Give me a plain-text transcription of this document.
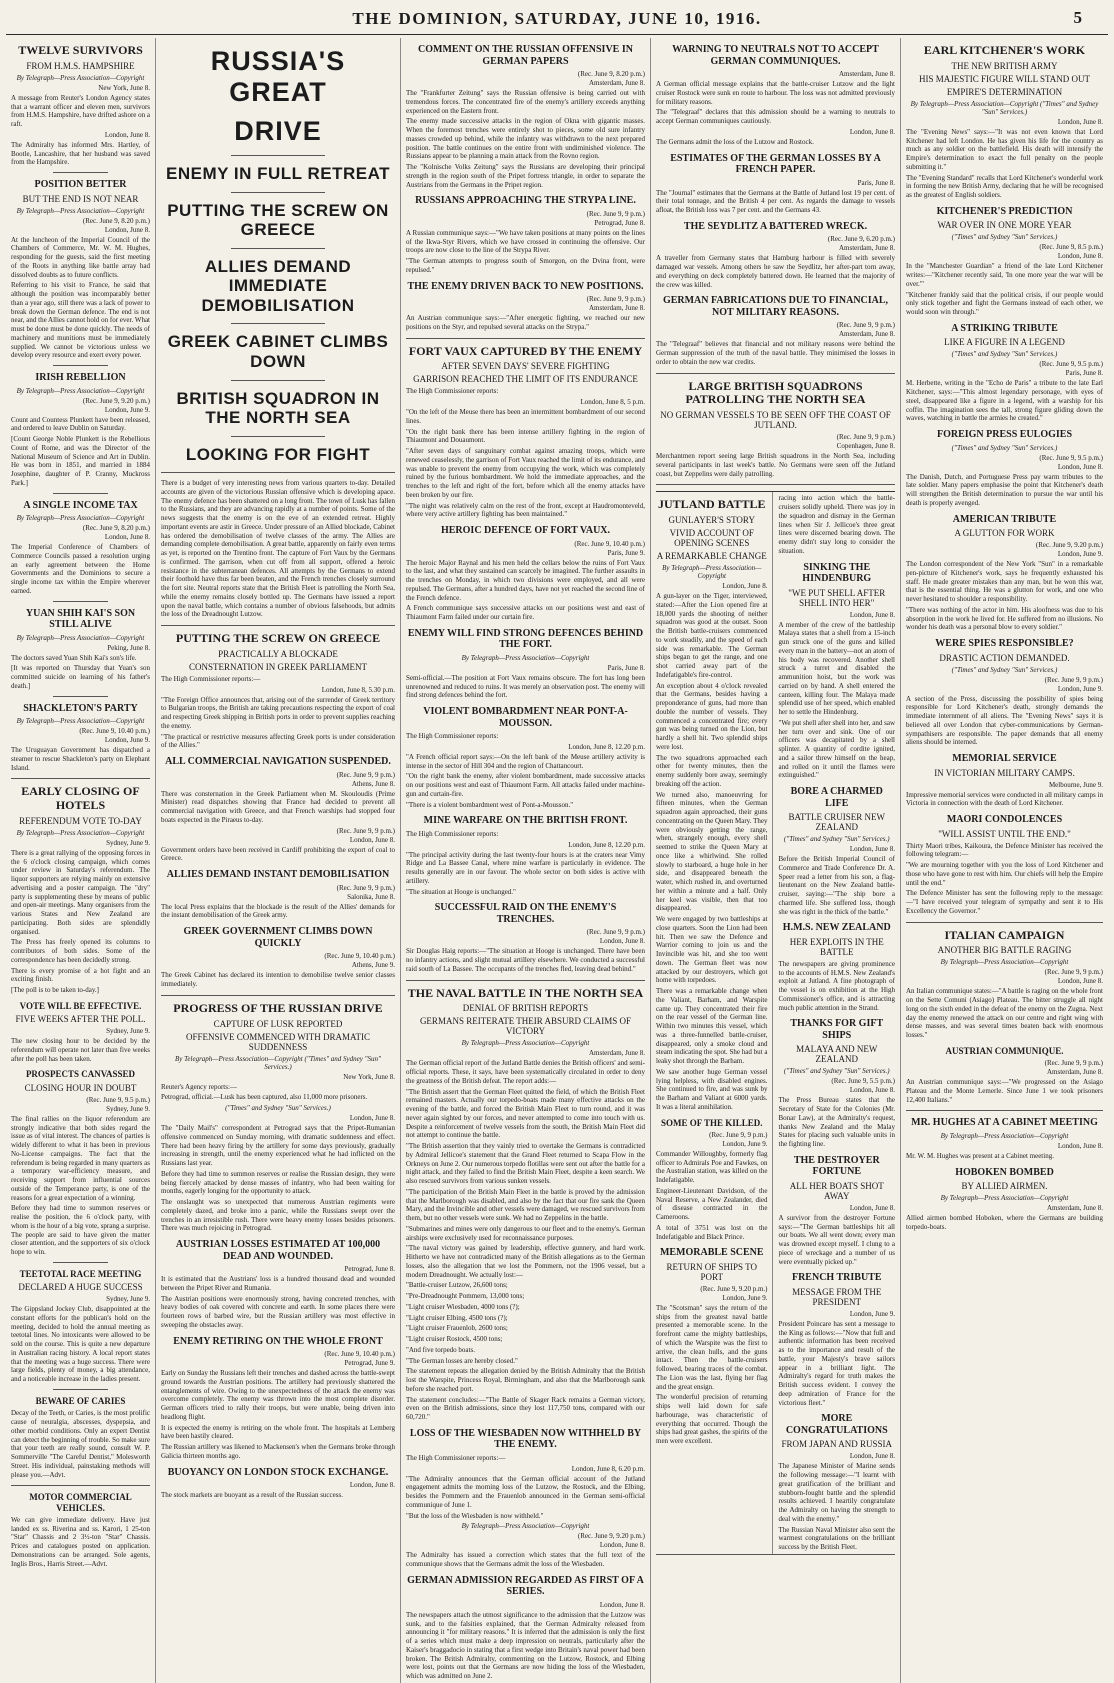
THE DOMINION, SATURDAY, JUNE 10, 1916.	5
TWELVE SURVIVORS
FROM H.M.S. HAMPSHIRE
By Telegraph—Press Association—Copyright
New York, June 8.

A message from Reuter's London Agency states that a warrant officer and eleven men, survivors from H.M.S. Hampshire, have drifted ashore on a raft.

London, June 8.

The Admiralty has informed Mrs. Hartley, of Bootle, Lancashire, that her husband was saved from the Hampshire.

POSITION BETTER
BUT THE END IS NOT NEAR
By Telegraph—Press Association—Copyright
(Rec. June 9, 8.20 p.m.)
London, June 8.

At the luncheon of the Imperial Council of the Chambers of Commerce, Mr. W. M. Hughes, responding for the guests, said the first meeting of the Roots in anything like battle array had dissolved doubts as to future conflicts.

Referring to his visit to France, he said that although the position was incomparably better than a year ago, still there was a lack of power to break down the German defence. The end is not near, and the Allies cannot hold on for ever. What must be done must be done quickly. The needs of machinery and munitions must be immediately supplied. We cannot be victorious unless we develop every resource and exert every power.

IRISH REBELLION
By Telegraph—Press Association—Copyright
(Rec. June 9, 9.20 p.m.)
London, June 9.

Count and Countess Plunkett have been released, and ordered to leave Dublin on Saturday.

[Count George Noble Plunkett is the Rebellious Count of Rome, and was the Director of the National Museum of Science and Art in Dublin. He was born in 1851, and married in 1884 Josephine, daughter of P. Cranny, Muckross Park.]

A SINGLE INCOME TAX
By Telegraph—Press Association—Copyright
(Rec. June 9, 8.20 p.m.)
London, June 8.

The Imperial Conference of Chambers of Commerce Councils passed a resolution urging an early agreement between the Home Governments and the Dominions to secure a single income tax within the Empire wherever earned.

YUAN SHIH KAI'S SON STILL ALIVE
By Telegraph—Press Association—Copyright
Peking, June 8.

The doctors saved Yuan Shih Kai's son's life.

[It was reported on Thursday that Yuan's son committed suicide on learning of his father's death.]

SHACKLETON'S PARTY
By Telegraph—Press Association—Copyright
(Rec. June 9, 10.40 p.m.)
London, June 9.

The Uruguayan Government has dispatched a steamer to rescue Shackleton's party on Elephant Island.

EARLY CLOSING OF HOTELS
REFERENDUM VOTE TO-DAY
By Telegraph—Press Association—Copyright
Sydney, June 9.

There is a great rallying of the opposing forces in the 6 o'clock closing campaign, which comes under review in Saturday's referendum. The liquor supporters are relying mainly on extensive advertising and a poster campaign. The "dry" party is supplementing these by means of public and open-air meetings. Many organisers from the various States and New Zealand are participating. Both sides are splendidly organised.

The Press has freely opened its columns to contributors of both sides. Some of the correspondence has been decidedly strong.

There is every promise of a hot fight and an exciting finish.

[The poll is to be taken to-day.]

VOTE WILL BE EFFECTIVE.
FIVE WEEKS AFTER THE POLL.
Sydney, June 9.

The new closing hour to be decided by the referendum will operate not later than five weeks after the poll has been taken.

PROSPECTS CANVASSED
CLOSING HOUR IN DOUBT
(Rec. June 9, 9.5 p.m.)
Sydney, June 9.

The final rallies on the liquor referendum are strongly indicative that both sides regard the issue as of vital interest. The chances of parties is widely different to what it has been in previous No-License campaigns. The fact that the referendum is being regarded in many quarters as a temporary war-efficiency measure, and receiving support from influential sources outside of the Temperance party, is one of the reasons for a great expectation of a winning.

Before they had time to summon reserves or realise the position, the 6 o'clock party, with whom is the hour of a big vote, sprang a surprise. The people are said to have given the matter closer attention, and the supporters of six o'clock hope to win.

TEETOTAL RACE MEETING
DECLARED A HUGE SUCCESS
Sydney, June 9.

The Gippsland Jockey Club, disappointed at the constant efforts for the publican's hold on the meeting, decided to hold the annual meeting as teetotal lines. No intoxicants were allowed to be sold on the course. This is quite a new departure in Australian racing history. A local report states that the meeting was a huge success. There were large fields, plenty of money, a big attendance, and a noticeable increase in the ladies present.

BEWARE OF CARIES

Decay of the Teeth, or Caries, is the most prolific cause of neuralgia, abscesses, dyspepsia, and other morbid conditions. Only an expert Dentist can detect the beginning of trouble. So make sure that your teeth are really sound, consult W. P. Sommerville "The Careful Dentist," Molesworth Street. His individual, painstaking methods will please you.—Advt.

MOTOR COMMERCIAL VEHICLES.

We can give immediate delivery. Have just landed ex ss. Riverina and ss. Karori, 1 25-ton "Star" Chassis and 2 3½-ton "Star" Chassis. Prices and catalogues posted on application. Demonstrations can be arranged. Sole agents, Inglis Bros., Harris Street.—Advt.

RUSSIA'S GREAT
DRIVE
ENEMY IN FULL RETREAT
PUTTING THE SCREW ON GREECE
ALLIES DEMAND IMMEDIATE DEMOBILISATION
GREEK CABINET CLIMBS DOWN
BRITISH SQUADRON IN THE NORTH SEA
LOOKING FOR FIGHT

There is a budget of very interesting news from various quarters to-day. Detailed accounts are given of the victorious Russian offensive which is developing apace. The enemy defence has been shattered on a long front. The town of Lusk has fallen to the Russians, and they are advancing rapidly at a number of points. Some of the news suggests that the enemy is on the eve of an extended retreat. Highly important events are astir in Greece. Under pressure of an Allied blockade, Cabinet has ordered the demobilisation of twelve classes of the army. The Allies are demanding complete demobilisation. A great battle, apparently on fairly even terms as yet, is reported on the Trentino front. The capture of Fort Vaux by the Germans is confirmed. The garrison, when cut off from all support, offered a heroic resistance in the subterranean defences. All attempts by the Germans to extend their foothold have thus far been beaten, and the French trenches closely surround the fort site. Neutral reports state that the British Fleet is patrolling the North Sea, while the enemy remains closely bottled up. The Germans have issued a report upon the naval battle, which contains a number of obvious falsehoods, but admits the loss of the Dreadnought Lutzow.

PUTTING THE SCREW ON GREECE
PRACTICALLY A BLOCKADE
CONSTERNATION IN GREEK PARLIAMENT

The High Commissioner reports:—

London, June 8, 5.30 p.m.

"The Foreign Office announces that, arising out of the surrender of Greek territory to Bulgarian troops, the British are taking precautions respecting the export of coal and respecting Greek shipping in British ports in order to prevent supplies reaching the enemy.

"The practical or restrictive measures affecting Greek ports is under consideration of the Allies."

ALL COMMERCIAL NAVIGATION SUSPENDED.
(Rec. June 9, 9 p.m.)
Athens, June 8.

There was consternation in the Greek Parliament when M. Skouloudis (Prime Minister) read dispatches showing that France had decided to prevent all commercial navigation with Greece, and that French warships had stopped four boats expected in the Piraeus to-day.

(Rec. June 9, 9 p.m.)
London, June 8.

Government orders have been received in Cardiff prohibiting the export of coal to Greece.

ALLIES DEMAND INSTANT DEMOBILISATION
(Rec. June 9, 9 p.m.)
Salonika, June 8.

The local Press explains that the blockade is the result of the Allies' demands for the instant demobilisation of the Greek army.

GREEK GOVERNMENT CLIMBS DOWN QUICKLY
(Rec. June 9, 10.40 p.m.)
Athens, June 9.

The Greek Cabinet has declared its intention to demobilise twelve senior classes immediately.

PROGRESS OF THE RUSSIAN DRIVE
CAPTURE OF LUSK REPORTED
OFFENSIVE COMMENCED WITH DRAMATIC SUDDENNESS
By Telegraph—Press Association—Copyright ("Times" and Sydney "Sun" Services.)
New York, June 8.

Reuter's Agency reports:—

Petrograd, official.—Lusk has been captured, also 11,000 more prisoners.

("Times" and Sydney "Sun" Services.)
London, June 8.

The "Daily Mail's" correspondent at Petrograd says that the Pripet-Rumanian offensive commenced on Sunday morning, with dramatic suddenness and effect. There had been heavy firing by the artillery for some days previously, gradually increasing in strength, until the enemy experienced what he had inflicted on the Russians last year.

Before they had time to summon reserves or realise the Russian design, they were being fiercely attacked by dense masses of infantry, who had been waiting for months, eagerly longing for the opportunity to attack.

The onslaught was so unexpected that numerous Austrian regiments were completely dazed, and broke into a panic, while the Russians swept over the trenches in an irresistible rush. There were heavy enemy losses besides prisoners. There was much rejoicing in Petrograd.

AUSTRIAN LOSSES ESTIMATED AT 100,000 DEAD AND WOUNDED.
Petrograd, June 8.

It is estimated that the Austrians' loss is a hundred thousand dead and wounded between the Pripet River and Rumania.

The Austrian positions were enormously strong, having concreted trenches, with heavy bodies of oak covered with concrete and earth. In some places there were fourteen rows of barbed wire, but the Russian artillery was most effective in sweeping the obstacles away.

ENEMY RETIRING ON THE WHOLE FRONT
(Rec. June 9, 10.40 p.m.)
Petrograd, June 9.

Early on Sunday the Russians left their trenches and dashed across the battle-swept ground towards the Austrian positions. The artillery had previously shattered the entanglements of wire. Owing to the unexpectedness of the attack the enemy was overcome completely. The enemy was thrown into the most complete disorder. German officers tried to rally their troops, but were unable, being driven into headlong flight.

It is expected the enemy is retiring on the whole front. The hospitals at Lemberg have been hastily cleared.

The Russian artillery was likened to Mackensen's when the Germans broke through Galicia thirteen months ago.

BUOYANCY ON LONDON STOCK EXCHANGE.
London, June 8.

The stock markets are buoyant as a result of the Russian success.

COMMENT ON THE RUSSIAN OFFENSIVE IN GERMAN PAPERS
(Rec. June 9, 8.20 p.m.)
Amsterdam, June 8.

The "Frankfurter Zeitung" says the Russian offensive is being carried out with tremendous forces. The concentrated fire of the enemy's artillery exceeds anything experienced on the Eastern front.

The enemy made successive attacks in the region of Okna with gigantic masses. When the foremost trenches were entirely shot to pieces, some old sure infantry masses crowded up behind, while the infantry was withdrawn to the next prepared position. The battle continues on the entire front with undiminished violence. The Russians appear to be planning a main attack from the Rovno region.

The "Kolnische Volks Zeitung" says the Russians are developing their principal strength in the region south of the Pripet fortress triangle, in order to separate the Austrians from the Germans in the Pripet region.

RUSSIANS APPROACHING THE STRYPA LINE.
(Rec. June 9, 9 p.m.)
Petrograd, June 8.

A Russian communique says:—"We have taken positions at many points on the lines of the Ikwa-Styr Rivers, which we have crossed in continuing the offensive. Our troops are now close to the line of the Strypa River.

"The German attempts to progress south of Smorgon, on the Dvina front, were repulsed."

THE ENEMY DRIVEN BACK TO NEW POSITIONS.
(Rec. June 9, 9 p.m.)
Amsterdam, June 8.

An Austrian communique says:—"After energetic fighting, we reached our new positions on the Styr, and repulsed several attacks on the Strypa."

FORT VAUX CAPTURED BY THE ENEMY
AFTER SEVEN DAYS' SEVERE FIGHTING
GARRISON REACHED THE LIMIT OF ITS ENDURANCE

The High Commissioner reports:

London, June 8, 5 p.m.

"On the left of the Meuse there has been an intermittent bombardment of our second lines.

"On the right bank there has been intense artillery fighting in the region of Thiaumont and Douaumont.

"After seven days of sanguinary combat against amazing troops, which were renewed ceaselessly, the garrison of Fort Vaux reached the limit of its endurance, and was unable to prevent the enemy from occupying the work, which was completely ruined by the furious bombardment. We hold the immediate approaches, and the trenches to the left and right of the fort, before which all the enemy attacks have been broken by our fire.

"The night was relatively calm on the rest of the front, except at Haudromonteveld, where very active artillery fighting has been maintained."

HEROIC DEFENCE OF FORT VAUX.
(Rec. June 9, 10.40 p.m.)
Paris, June 9.

The heroic Major Raynal and his men held the cellars below the ruins of Fort Vaux to the last, and what they sustained can scarcely be imagined. The further assaults in the trenches on Monday, in which two divisions were employed, and all were repulsed. The Germans, after a hundred days, have not yet reached the second line of the French defence.

A French communique says successive attacks on our positions west and east of Thiaumont Farm failed under our curtain fire.

ENEMY WILL FIND STRONG DEFENCES BEHIND THE FORT.
By Telegraph—Press Association—Copyright
Paris, June 8.

Semi-official.—The position at Fort Vaux remains obscure. The fort has long been unrenowned and reduced to ruins. It was merely an observation post. The enemy will find strong defences behind the fort.

VIOLENT BOMBARDMENT NEAR PONT-A-MOUSSON.

The High Commissioner reports:

London, June 8, 12.20 p.m.

"A French official report says:—On the left bank of the Meuse artillery activity is intense in the sector of Hill 304 and the region of Chattancourt.

"On the right bank the enemy, after violent bombardment, made successive attacks on our positions west and east of Thiaumont Farm. All attacks failed under machine-gun and curtain-fire.

"There is a violent bombardment west of Pont-a-Mousson."

MINE WARFARE ON THE BRITISH FRONT.

The High Commissioner reports:

London, June 8, 12.20 p.m.

"The principal activity during the last twenty-four hours is at the craters near Vimy Ridge and La Bassee Canal, where mine warfare is particularly in evidence. The results generally are in our favour. The whole sector on both sides is active with artillery.

"The situation at Hooge is unchanged."

SUCCESSFUL RAID ON THE ENEMY'S TRENCHES.
(Rec. June 9, 9 p.m.)
London, June 8.

Sir Douglas Haig reports:—"The situation at Hooge is unchanged. There have been no infantry actions, and slight mutual artillery elsewhere. We conducted a successful raid south of La Bassee. The occupants of the trenches fled, leaving dead behind."

THE NAVAL BATTLE IN THE NORTH SEA
DENIAL OF BRITISH REPORTS
GERMANS REITERATE THEIR ABSURD CLAIMS OF VICTORY
By Telegraph—Press Association—Copyright
Amsterdam, June 8.

The German official report of the Jutland Battle denies the British officers' and semi-official reports. These, it says, have been systematically circulated in order to deny the greatness of the British defeat. The report adds:—

"The British assert that the German Fleet quitted the field, of which the British Fleet remained masters. Actually our torpedo-boats made many effective attacks on the evening of the battle, and forced the British Main Fleet to turn round, and it was never again sighted by our forces, and never attempted to come into touch with us. Despite a reinforcement of twelve vessels from the south, the British Main Fleet did not attempt to continue the battle.

"The British assertion that they vainly tried to overtake the Germans is contradicted by Admiral Jellicoe's statement that the Grand Fleet returned to Scapa Flow in the Orkneys on June 2. Our numerous torpedo flotillas were sent out after the battle for a night attack, and they failed to find the British Main Fleet, despite a keen search. We also rescued survivors from various sunken vessels.

"The participation of the British Main Fleet in the battle is proved by the admission that the Marlborough was disabled, and also by the fact that our fire sank the Queen Mary, and the Invincible and other vessels were damaged, we rescued survivors from them, but no other vessels were sunk. We had no Zeppelins in the battle.

"Submarines and mines were only dangerous to our fleet and to the enemy's. German airships were exclusively used for reconnaissance purposes.

"The naval victory was gained by leadership, effective gunnery, and hard work. Hitherto we have not contradicted many of the British allegations as to the German losses, also the allegation that we lost the Pommern, not the 1906 vessel, but a modern Dreadnought. We actually lost:—

"Battle-cruiser Lutzow, 26,600 tons;
"Pre-Dreadnought Pommern, 13,000 tons;
"Light cruiser Wiesbaden, 4000 tons (?);
"Light cruiser Elbing, 4500 tons (?);
"Light cruiser Frauenlob, 2600 tons;
"Light cruiser Rostock, 4500 tons;
"And five torpedo boats.
"The German losses are hereby closed."

The statement repeats the allegation denied by the British Admiralty that the British lost the Warspite, Princess Royal, Birmingham, and also that the Marlborough sank before she reached port.

The statement concludes:—"The Battle of Skager Rack remains a German victory, even on the British admissions, since they lost 117,750 tons, compared with our 60,720."

LOSS OF THE WIESBADEN NOW WITHHELD BY THE ENEMY.

The High Commissioner reports:—

London, June 8, 6.20 p.m.

"The Admiralty announces that the German official account of the Jutland engagement admits the morning loss of the Lutzow, the Rostock, and the Elbing, besides the Pommern and the Frauenlob announced in the German semi-official communique of June 1.

"But the loss of the Wiesbaden is now withheld."

By Telegraph—Press Association—Copyright
(Rec. June 9, 9.20 p.m.)
London, June 8.

The Admiralty has issued a correction which states that the full text of the communique shows that the Germans admit the loss of the Wiesbaden.

GERMAN ADMISSION REGARDED AS FIRST OF A SERIES.
London, June 8.

The newspapers attach the utmost significance to the admission that the Lutzow was sunk, and to the falsities explained, that the German Admiralty released from announcing it "for military reasons." It is inferred that the admission is only the first of a series which must make a deep impression on neutrals, particularly after the Kaiser's braggadocio in stating that a first wedge into Britain's naval power had been broken. The British Admiralty, commenting on the Lutzow, Rostock, and Elbing were lost, points out that the Germans are now hiding the loss of the Wiesbaden, which was admitted on June 2.

WARNING TO NEUTRALS NOT TO ACCEPT GERMAN COMMUNIQUES.
Amsterdam, June 8.

A German official message explains that the battle-cruiser Lutzow and the light cruiser Rostock were sunk en route to harbour. The loss was not admitted previously for military reasons.

The "Telegraaf" declares that this admission should be a warning to neutrals to accept German communiques cautiously.

London, June 8.

The Germans admit the loss of the Lutzow and Rostock.

ESTIMATES OF THE GERMAN LOSSES BY A FRENCH PAPER.
Paris, June 8.

The "Journal" estimates that the Germans at the Battle of Jutland lost 19 per cent. of their total tonnage, and the British 4 per cent. As regards the damage to vessels afloat, the British loss was 7 per cent. and the Germans 43.

THE SEYDLITZ A BATTERED WRECK.
(Rec. June 9, 6.20 p.m.)
Amsterdam, June 8.

A traveller from Germany states that Hamburg harbour is filled with severely damaged war vessels. Among others he saw the Seydlitz, her after-part torn away, and everything on deck completely battered down. He learned that the majority of the crew was killed.

GERMAN FABRICATIONS DUE TO FINANCIAL, NOT MILITARY REASONS.
(Rec. June 9, 9 p.m.)
Amsterdam, June 8.

The "Telegraaf" believes that financial and not military reasons were behind the German suppression of the truth of the naval battle. They minimised the losses in order to obtain the new war credits.

LARGE BRITISH SQUADRONS PATROLLING THE NORTH SEA
NO GERMAN VESSELS TO BE SEEN OFF THE COAST OF JUTLAND.
(Rec. June 9, 9 p.m.)
Copenhagen, June 8.

Merchantmen report seeing large British squadrons in the North Sea, including several participants in last week's battle. No Germans were seen off the Jutland coast, but Zeppelins were daily patrolling.

JUTLAND BATTLE
GUNLAYER'S STORY
VIVID ACCOUNT OF OPENING SCENES
A REMARKABLE CHANGE
By Telegraph—Press Association—Copyright
London, June 8.

A gun-layer on the Tiger, interviewed, stated:—After the Lion opened fire at 18,000 yards the shooting of neither squadron was good at the outset. Soon the British battle-cruisers commenced to work steadily, and the speed of each side was remarkable. The German ships began to get the range, and one shot carried away part of the Indefatigable's fire-control.

An exception about 4 o'clock revealed that the Germans, besides having a preponderance of guns, had more than double the number of vessels. They commenced a concentrated fire; every gun was being turned on the Lion, but hardly a shell hit. Two splendid ships were lost.

The two squadrons approached each other for twenty minutes, then the enemy suddenly bore away, seemingly breaking off the action.

We turned also, manoeuvring for fifteen minutes, when the German squadron again approached, their guns concentrating on the Queen Mary. They were obviously getting the range, when, strangely enough, every shell seemed to strike the Queen Mary at once like a whirlwind. She rolled slowly to starboard, a huge hole in her side, and disappeared beneath the water, which rushed in, and overturned her within a minute and a half. Only her keel was visible, then that too disappeared.

We were engaged by two battleships at close quarters. Soon the Lion had been hit. Then we saw the Defence and Warrior coming to join us and the Invincible was hit, and she too went down. The German fleet was now attacked by our destroyers, which got home with torpedoes.

There was a remarkable change when the Valiant, Barham, and Warspite came up. They concentrated their fire on the rear vessel of the German line. Within two minutes this vessel, which was a three-funnelled battle-cruiser, disappeared, only a smoke cloud and steam indicating the spot. She had but a leaky shot through the Barham.

We saw another huge German vessel lying helpless, with disabled engines. She continued to fire, and was sunk by the Barham and Valiant at 6000 yards. It was a literal annihilation.

SOME OF THE KILLED.
(Rec. June 9, 9 p.m.)
London, June 9.

Commander Willoughby, formerly flag officer to Admirals Poe and Fawkes, on the Australian station, was killed on the Indefatigable.

Engineer-Lieutenant Davidson, of the Naval Reserve, a New Zealander, died of disease contracted in the Cameroons.

A total of 3751 was lost on the Indefatigable and Black Prince.

MEMORABLE SCENE
RETURN OF SHIPS TO PORT
(Rec. June 9, 9.20 p.m.)
London, June 9.

The "Scotsman" says the return of the ships from the greatest naval battle presented a memorable scene. In the forefront came the mighty battleships, of which the Warspite was the first to arrive, the clean hulls, and the guns intact. Then the battle-cruisers followed, bearing traces of the combat. The Lion was the last, flying her flag and the great ensign.

The wonderful precision of returning ships well laid down for safe harbourage, was characteristic of everything that occurred. Though the ships had great gashes, the spirits of the men were excellent.

racing into action which the battle-cruisers solidly upheld. There was joy in the squadron and dismay in the German lines when Sir J. Jellicoe's three great lines were discerned bearing down. The enemy didn't stay long to consider the situation.

SINKING THE HINDENBURG
"WE PUT SHELL AFTER SHELL INTO HER"
London, June 8.

A member of the crew of the battleship Malaya states that a shell from a 15-inch gun struck one of the guns and killed every man in the battery—not an atom of his body was recovered. Another shell struck a turret and disabled the ammunition hoist, but the work was carried on by hand. A shell entered the canteen, killing four. The Malaya made splendid use of her speed, which enabled her to settle the Hindenburg.

"We put shell after shell into her, and saw her turn over and sink. One of our officers was decapitated by a shell splinter. A quantity of cordite ignited, and a sailor threw himself on the heap, and rolled on it until the flames were extinguished."

BORE A CHARMED LIFE
BATTLE CRUISER NEW ZEALAND
("Times" and Sydney "Sun" Services.)
London, June 8.

Before the British Imperial Council of Commerce and Trade Conference Dr. A. Speer read a letter from his son, a flag-lieutenant on the New Zealand battle-cruiser, saying:—"The ship bore a charmed life. She suffered loss, though she was right in the thick of the battle."

H.M.S. NEW ZEALAND
HER EXPLOITS IN THE BATTLE

The newspapers are giving prominence to the accounts of H.M.S. New Zealand's exploit at Jutland. A fine photograph of the vessel is on exhibition at the High Commissioner's office, and is attracting much public attention in the Strand.

THANKS FOR GIFT SHIPS
MALAYA AND NEW ZEALAND
("Times" and Sydney "Sun" Services.)
(Rec. June 9, 5.5 p.m.)
London, June 8.

The Press Bureau states that the Secretary of State for the Colonies (Mr. Bonar Law), at the Admiralty's request, thanks New Zealand and the Malay States for placing such valuable units in the fighting line.

THE DESTROYER FORTUNE
ALL HER BOATS SHOT AWAY
London, June 8.

A survivor from the destroyer Fortune says:—"The German battleships hit all our boats. We all went down; every man was drowned except myself. I clung to a piece of wreckage and a number of us were eventually picked up."

FRENCH TRIBUTE
MESSAGE FROM THE PRESIDENT
London, June 9.

President Poincare has sent a message to the King as follows:—"Now that full and authentic information has been received as to the importance and result of the battle, your Majesty's brave sailors appear in a brilliant light. The Admiralty's regard for truth makes the British success evident. I convey the deep admiration of France for the victorious fleet."

MORE CONGRATULATIONS
FROM JAPAN AND RUSSIA
London, June 8.

The Japanese Minister of Marine sends the following message:—"I learnt with great gratification of the brilliant and stubborn-fought battle and the splendid results achieved. I heartily congratulate the Admiralty on having the strength to deal with the enemy."

The Russian Naval Minister also sent the warmest congratulations on the brilliant success by the British Fleet.

EARL KITCHENER'S WORK
THE NEW BRITISH ARMY
HIS MAJESTIC FIGURE WILL STAND OUT
EMPIRE'S DETERMINATION
By Telegraph—Press Association—Copyright ("Times" and Sydney "Sun" Services.)
London, June 8.

The "Evening News" says:—"It was not even known that Lord Kitchener had left London. He has given his life for the country as much as any soldier on the battlefield. His death will intensify the Empire's determination to exact the full penalty on the people submitting it."

The "Evening Standard" recalls that Lord Kitchener's wonderful work in forming the new British Army, declaring that he will be recognised as the greatest of English soldiers.

KITCHENER'S PREDICTION
WAR OVER IN ONE MORE YEAR
("Times" and Sydney "Sun" Services.)
(Rec. June 9, 8.5 p.m.)
London, June 8.

In the "Manchester Guardian" a friend of the late Lord Kitchener writes:—"Kitchener recently said, 'In one more year the war will be over.'"

"Kitchener frankly said that the political crisis, if our people would only stick together and fight the Germans instead of each other, we would soon win through."

A STRIKING TRIBUTE
LIKE A FIGURE IN A LEGEND
("Times" and Sydney "Sun" Services.)
(Rec. June 9, 9.5 p.m.)
Paris, June 8.

M. Herbette, writing in the "Echo de Paris" a tribute to the late Earl Kitchener, says:—"This almost legendary personage, with eyes of steel, disappeared like a figure in a legend, with a warship for his coffin. The imagination sees the tall, strong figure gliding down the waves, watching in battle the armies he created."

FOREIGN PRESS EULOGIES
("Times" and Sydney "Sun" Services.)
(Rec. June 9, 9.5 p.m.)
London, June 8.

The Danish, Dutch, and Portuguese Press pay warm tributes to the late soldier. Many papers emphasise the point that Kitchener's death will strengthen the British determination to pursue the war until his death is properly avenged.

AMERICAN TRIBUTE
A GLUTTON FOR WORK
(Rec. June 9, 9.20 p.m.)
London, June 9.

The London correspondent of the New York "Sun" in a remarkable pen-picture of Kitchener's work, says he frequently exhausted his staff. He made greater mistakes than any man, but he won this war, that is the essential thing. He was a glutton for work, and one who never hesitated to shoulder a responsibility.

"There was nothing of the actor in him. His aloofness was due to his absorption in the work he lived for. He suffered from no illusions. No wonder his death was a personal blow to every soldier."

WERE SPIES RESPONSIBLE?
DRASTIC ACTION DEMANDED.
("Times" and Sydney "Sun" Services.)
(Rec. June 9, 9 p.m.)
London, June 9.

A section of the Press, discussing the possibility of spies being responsible for Lord Kitchener's death, strongly demands the immediate internment of all aliens. The "Evening News" says it is believed all over London that cyber-communications by German-sympathisers are responsible. The paper demands that all enemy aliens should be interned.

MEMORIAL SERVICE
IN VICTORIAN MILITARY CAMPS.
Melbourne, June 9.

Impressive memorial services were conducted in all military camps in Victoria in connection with the death of Lord Kitchener.

MAORI CONDOLENCES
"WILL ASSIST UNTIL THE END."

Thirty Maori tribes, Kaikoura, the Defence Minister has received the following telegram:—

"We are mourning together with you the loss of Lord Kitchener and those who have gone to rest with him. Our chiefs will help the Empire until the end."

The Defence Minister has sent the following reply to the message:—"I have received your telegram of sympathy and sent it to His Excellency the Governor."

ITALIAN CAMPAIGN
ANOTHER BIG BATTLE RAGING
By Telegraph—Press Association—Copyright
(Rec. June 9, 9 p.m.)
London, June 8.

An Italian communique states:—"A battle is raging on the whole front on the Sette Comuni (Asiago) Plateau. The bitter struggle all night long on the sixth ended in the defeat of the enemy on the Zugna. Next day the enemy renewed the attack on our centre and right wing with dense masses, and was several times beaten back with enormous losses."

AUSTRIAN COMMUNIQUE.
(Rec. June 9, 9 p.m.)
Amsterdam, June 8.

An Austrian communique says:—"We progressed on the Asiago Plateau and the Monte Lemerle. Since June 1 we took prisoners 12,400 Italians."

MR. HUGHES AT A CABINET MEETING
By Telegraph—Press Association—Copyright
London, June 8.

Mr. W. M. Hughes was present at a Cabinet meeting.

HOBOKEN BOMBED
BY ALLIED AIRMEN.
By Telegraph—Press Association—Copyright
Amsterdam, June 8.

Allied airmen bombed Hoboken, where the Germans are building torpedo-boats.
